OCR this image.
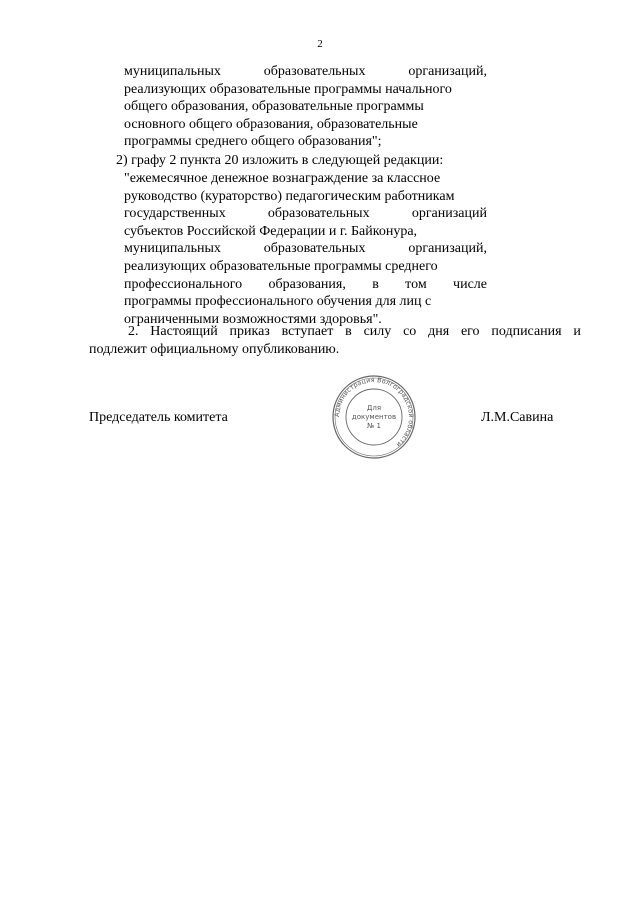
2
муниципальных	образовательных	организаций,
реализующих образовательные программы начального
общего образования, образовательные программы
основного общего образования, образовательные
программы среднего общего образования";
2) графу 2 пункта 20 изложить в следующей редакции:
"ежемесячное денежное вознаграждение за классное
руководство (кураторство) педагогическим работникам
государственных	образовательных	организаций
субъектов Российской Федерации и г. Байконура,
муниципальных	образовательных	организаций,
реализующих образовательные программы среднего
профессионального образования, в том числе
программы профессионального обучения для лиц с
ограниченными возможностями здоровья".
2. Настоящий приказ вступает в силу со дня его подписания и
подлежит официальному опубликованию.
Председатель комитета	Администрация Волгоградской области
Для
документов
№ 1
Л.М.Савина
